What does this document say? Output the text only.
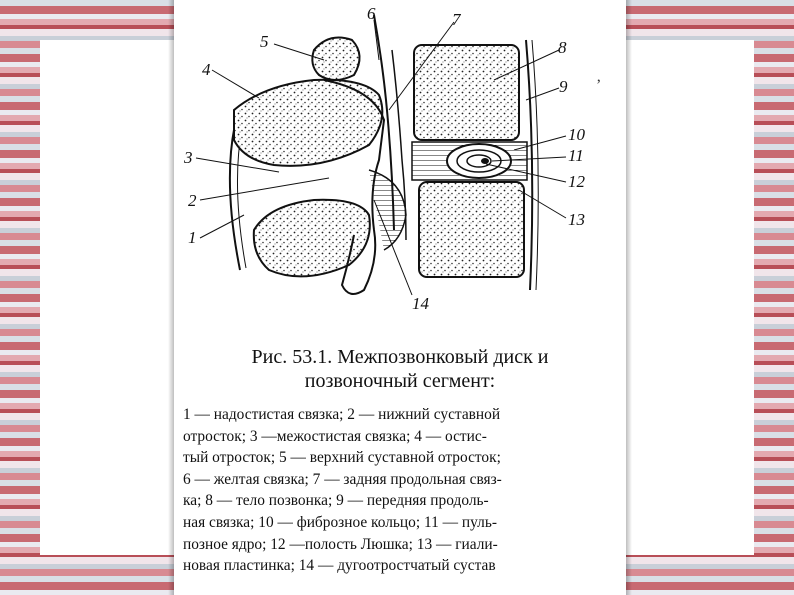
ʼ
1
2
3
4
5
6	7
8
9
10
11
12
13
14
Рис. 53.1. Межпозвонковый диск и
позвоночный сегмент:
1 — надостистая связка; 2 — нижний суставной
отросток; 3 —межостистая связка; 4 — остис-
тый отросток; 5 — верхний суставной отросток;
6 — желтая связка; 7 — задняя продольная связ-
ка; 8 — тело позвонка; 9 — передняя продоль-
ная связка; 10 — фиброзное кольцо; 11 — пуль-
позное ядро; 12 —полость Люшка; 13 — гиали-
новая пластинка; 14 — дугоотростчатый сустав
